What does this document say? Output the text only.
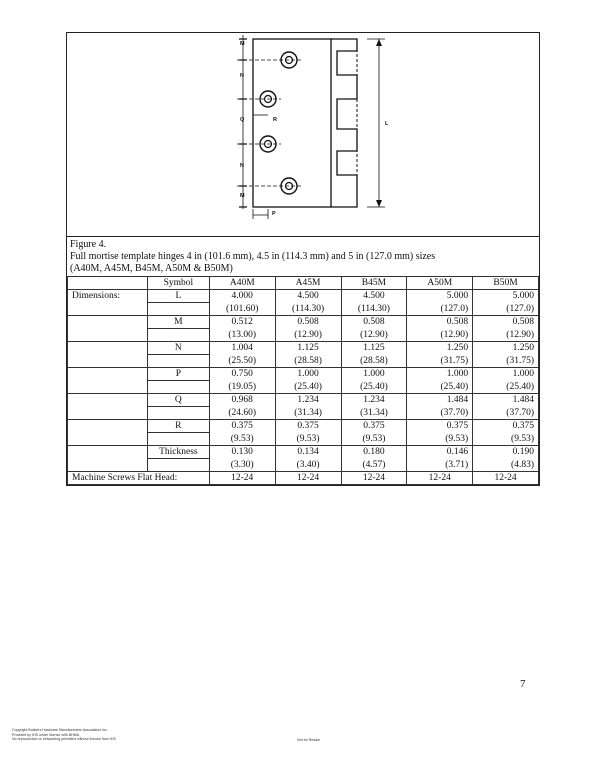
M
N
Q	R
N
M
L
P
Figure 4.
Full mortise template hinges 4 in (101.6 mm), 4.5 in (114.3 mm) and 5 in (127.0 mm) sizes
(A40M, A45M, B45M, A50M & B50M)
	Symbol	A40M	A45M	B45M	A50M	B50M
Dimensions:	L	4.000	4.500	4.500	5.000	5.000
		(101.60)	(114.30)	(114.30)	(127.0)	(127.0)
	M	0.512	0.508	0.508	0.508	0.508
		(13.00)	(12.90)	(12.90)	(12.90)	(12.90)
	N	1.004	1.125	1.125	1.250	1.250
		(25.50)	(28.58)	(28.58)	(31.75)	(31.75)
	P	0.750	1.000	1.000	1.000	1.000
		(19.05)	(25.40)	(25.40)	(25.40)	(25.40)
	Q	0.968	1.234	1.234	1.484	1.484
		(24.60)	(31.34)	(31.34)	(37.70)	(37.70)
	R	0.375	0.375	0.375	0.375	0.375
		(9.53)	(9.53)	(9.53)	(9.53)	(9.53)
	Thickness	0.130	0.134	0.180	0.146	0.190
		(3.30)	(3.40)	(4.57)	(3.71)	(4.83)
Machine Screws Flat Head:		12-24	12-24	12-24	12-24	12-24
7
Copyright Builders Hardware Manufacturers Association Inc.
Provided by IHS under license with BHMA
No reproduction or networking permitted without license from IHS	Not for Resale
